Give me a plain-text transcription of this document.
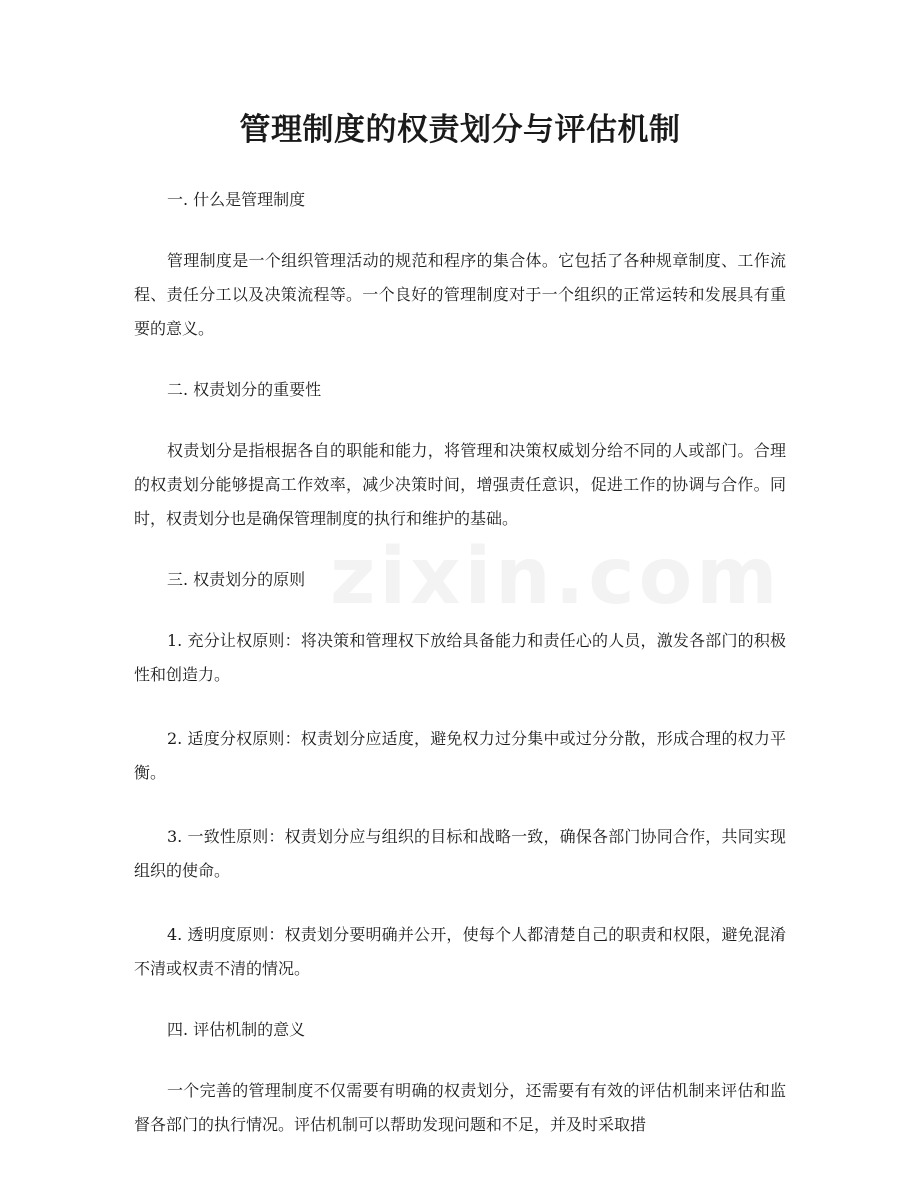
zixin.com
管理制度的权责划分与评估机制

一. 什么是管理制度

管理制度是一个组织管理活动的规范和程序的集合体。它包括了各种规章制度、工作流程、责任分工以及决策流程等。一个良好的管理制度对于一个组织的正常运转和发展具有重要的意义。

二. 权责划分的重要性

权责划分是指根据各自的职能和能力，将管理和决策权威划分给不同的人或部门。合理的权责划分能够提高工作效率，减少决策时间，增强责任意识，促进工作的协调与合作。同时，权责划分也是确保管理制度的执行和维护的基础。

三. 权责划分的原则

1. 充分让权原则：将决策和管理权下放给具备能力和责任心的人员，激发各部门的积极性和创造力。

2. 适度分权原则：权责划分应适度，避免权力过分集中或过分分散，形成合理的权力平衡。

3. 一致性原则：权责划分应与组织的目标和战略一致，确保各部门协同合作，共同实现组织的使命。

4. 透明度原则：权责划分要明确并公开，使每个人都清楚自己的职责和权限，避免混淆不清或权责不清的情况。

四. 评估机制的意义

一个完善的管理制度不仅需要有明确的权责划分，还需要有有效的评估机制来评估和监督各部门的执行情况。评估机制可以帮助发现问题和不足，并及时采取措
